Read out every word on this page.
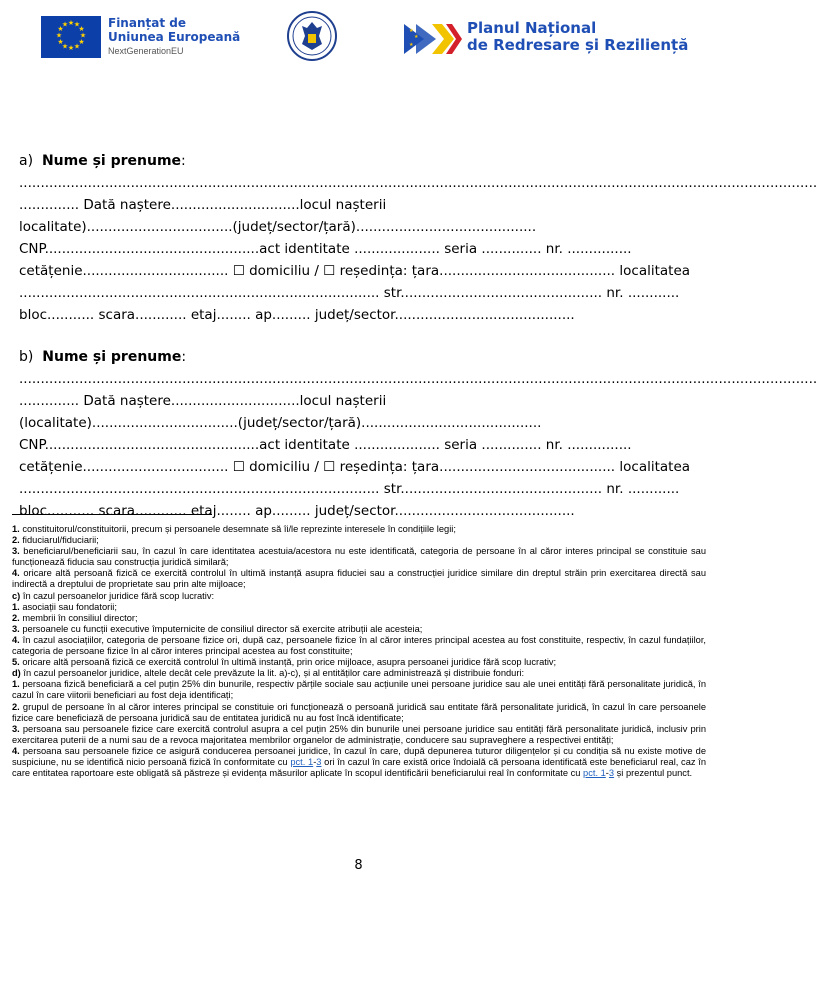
★ ★
★
★
★
★
★
★
★
★
★
★	Finanțat de
Uniunea Europeană
NextGenerationEU
★
★
★
Planul Național
de Redresare și Reziliență
a) Nume și prenume:
..........................................................................................................................................................................................
.............. Dată naștere..............................locul nașterii
localitate)..................................(județ/sector/țară)..........................................
CNP..................................................act identitate .................... seria .............. nr. ...............
cetățenie.................................. ☐ domiciliu / ☐ reședința: țara......................................... localitatea
.................................................................................... str............................................... nr. ............
bloc........... scara............ etaj........ ap......... județ/sector..........................................
b) Nume și prenume:
..........................................................................................................................................................................................
.............. Dată naștere..............................locul nașterii
(localitate)..................................(județ/sector/țară)..........................................
CNP..................................................act identitate .................... seria .............. nr. ...............
cetățenie.................................. ☐ domiciliu / ☐ reședința: țara......................................... localitatea
.................................................................................... str............................................... nr. ............
bloc........... scara............ etaj........ ap......... județ/sector..........................................

1. constituitorul/constituitorii, precum și persoanele desemnate să îi/le reprezinte interesele în condițiile legii;

2. fiduciarul/fiduciarii;

3. beneficiarul/beneficiarii sau, în cazul în care identitatea acestuia/acestora nu este identificată, categoria de persoane în al căror interes principal se constituie sau funcționează fiducia sau construcția juridică similară;

4. oricare altă persoană fizică ce exercită controlul în ultimă instanță asupra fiduciei sau a construcției juridice similare din dreptul străin prin exercitarea directă sau indirectă a dreptului de proprietate sau prin alte mijloace;

c) în cazul persoanelor juridice fără scop lucrativ:

1. asociații sau fondatorii;

2. membrii în consiliul director;

3. persoanele cu funcții executive împuternicite de consiliul director să exercite atribuții ale acesteia;

4. în cazul asociațiilor, categoria de persoane fizice ori, după caz, persoanele fizice în al căror interes principal acestea au fost constituite, respectiv, în cazul fundațiilor, categoria de persoane fizice în al căror interes principal acestea au fost constituite;

5. oricare altă persoană fizică ce exercită controlul în ultimă instanță, prin orice mijloace, asupra persoanei juridice fără scop lucrativ;

d) în cazul persoanelor juridice, altele decât cele prevăzute la lit. a)-c), și al entităților care administrează și distribuie fonduri:

1. persoana fizică beneficiară a cel puțin 25% din bunurile, respectiv părțile sociale sau acțiunile unei persoane juridice sau ale unei entități fără personalitate juridică, în cazul în care viitorii beneficiari au fost deja identificați;

2. grupul de persoane în al căror interes principal se constituie ori funcționează o persoană juridică sau entitate fără personalitate juridică, în cazul în care persoanele fizice care beneficiază de persoana juridică sau de entitatea juridică nu au fost încă identificate;

3. persoana sau persoanele fizice care exercită controlul asupra a cel puțin 25% din bunurile unei persoane juridice sau entități fără personalitate juridică, inclusiv prin exercitarea puterii de a numi sau de a revoca majoritatea membrilor organelor de administrație, conducere sau supraveghere a respectivei entități;

4. persoana sau persoanele fizice ce asigură conducerea persoanei juridice, în cazul în care, după depunerea tuturor diligențelor și cu condiția să nu existe motive de suspiciune, nu se identifică nicio persoană fizică în conformitate cu pct. 1-3 ori în cazul în care există orice îndoială că persoana identificată este beneficiarul real, caz în care entitatea raportoare este obligată să păstreze și evidența măsurilor aplicate în scopul identificării beneficiarului real în conformitate cu pct. 1-3 și prezentul punct.

8
